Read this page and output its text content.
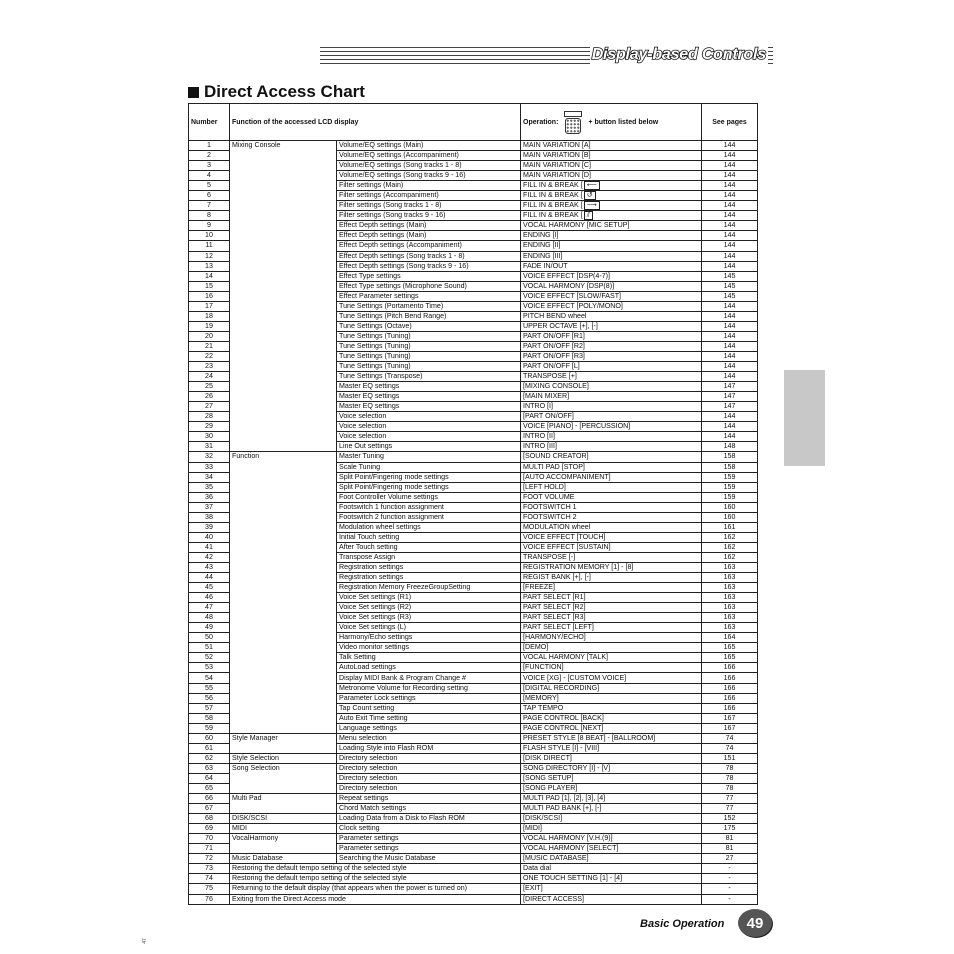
Display-based Controls
Direct Access Chart
Number	Function of the accessed LCD display		Operation: + button listed below	See pages
1	Mixing Console	Volume/EQ settings (Main)	MAIN VARIATION [A]	144
2		Volume/EQ settings (Accompaniment)	MAIN VARIATION [B]	144
3		Volume/EQ settings (Song tracks 1 - 8)	MAIN VARIATION [C]	144
4		Volume/EQ settings (Song tracks 9 - 16)	MAIN VARIATION [D]	144
5		Filter settings (Main)	FILL IN & BREAK [ ⟵	144
6		Filter settings (Accompaniment)	FILL IN & BREAK [ ↺	144
7		Filter settings (Song tracks 1 - 8)	FILL IN & BREAK [ ⟶	144
8		Filter settings (Song tracks 9 - 16)	FILL IN & BREAK [ ⫽	144
9		Effect Depth settings (Main)	VOCAL HARMONY [MIC SETUP]	144
10		Effect Depth settings (Main)	ENDING [I]	144
11		Effect Depth settings (Accompaniment)	ENDING [II]	144
12		Effect Depth settings (Song tracks 1 - 8)	ENDING [III]	144
13		Effect Depth settings (Song tracks 9 - 16)	FADE IN/OUT	144
14		Effect Type settings	VOICE EFFECT [DSP(4-7)]	145
15		Effect Type settings (Microphone Sound)	VOCAL HARMONY [DSP(8)]	145
16		Effect Parameter settings	VOICE EFFECT [SLOW/FAST]	145
17		Tune Settings (Portamento Time)	VOICE EFFECT [POLY/MONO]	144
18		Tune Settings (Pitch Bend Range)	PITCH BEND wheel	144
19		Tune Settings (Octave)	UPPER OCTAVE [+], [-]	144
20		Tune Settings (Tuning)	PART ON/OFF [R1]	144
21		Tune Settings (Tuning)	PART ON/OFF [R2]	144
22		Tune Settings (Tuning)	PART ON/OFF [R3]	144
23		Tune Settings (Tuning)	PART ON/OFF [L]	144
24		Tune Settings (Transpose)	TRANSPOSE [+]	144
25		Master EQ settings	[MIXING CONSOLE]	147
26		Master EQ settings	[MAIN MIXER]	147
27		Master EQ settings	INTRO [I]	147
28		Voice selection	[PART ON/OFF]	144
29		Voice selection	VOICE [PIANO] - [PERCUSSION]	144
30		Voice selection	INTRO [II]	144
31		Line Out settings	INTRO [III]	148
32	Function	Master Tuning	[SOUND CREATOR]	158
33		Scale Tuning	MULTI PAD [STOP]	158
34		Split Point/Fingering mode settings	[AUTO ACCOMPANIMENT]	159
35		Split Point/Fingering mode settings	[LEFT HOLD]	159
36		Foot Controller Volume settings	FOOT VOLUME	159
37		Footswitch 1 function assignment	FOOTSWITCH 1	160
38		Footswitch 2 function assignment	FOOTSWITCH 2	160
39		Modulation wheel settings	MODULATION wheel	161
40		Initial Touch setting	VOICE EFFECT [TOUCH]	162
41		After Touch setting	VOICE EFFECT [SUSTAIN]	162
42		Transpose Assign	TRANSPOSE [-]	162
43		Registration settings	REGISTRATION MEMORY [1] - [8]	163
44		Registration settings	REGIST BANK [+], [-]	163
45		Registration Memory FreezeGroupSetting	[FREEZE]	163
46		Voice Set settings (R1)	PART SELECT [R1]	163
47		Voice Set settings (R2)	PART SELECT [R2]	163
48		Voice Set settings (R3)	PART SELECT [R3]	163
49		Voice Set settings (L)	PART SELECT [LEFT]	163
50		Harmony/Echo settings	[HARMONY/ECHO]	164
51		Video monitor settings	[DEMO]	165
52		Talk Setting	VOCAL HARMONY [TALK]	165
53		AutoLoad settings	[FUNCTION]	166
54		Display MIDI Bank & Program Change #	VOICE [XG] - [CUSTOM VOICE]	166
55		Metronome Volume for Recording setting	[DIGITAL RECORDING]	166
56		Parameter Lock settings	[MEMORY]	166
57		Tap Count setting	TAP TEMPO	166
58		Auto Exit Time setting	PAGE CONTROL [BACK]	167
59		Language settings	PAGE CONTROL [NEXT]	167
60	Style Manager	Menu selection	PRESET STYLE [8 BEAT] - [BALLROOM]	74
61		Loading Style into Flash ROM	FLASH STYLE [I] - [VIII]	74
62	Style Selection	Directory selection	[DISK DIRECT]	151
63	Song Selection	Directory selection	SONG DIRECTORY [I] - [V]	78
64		Directory selection	[SONG SETUP]	78
65		Directory selection	[SONG PLAYER]	78
66	Multi Pad	Repeat settings	MULTI PAD [1], [2], [3], [4]	77
67		Chord Match settings	MULTI PAD BANK [+], [-]	77
68	DISK/SCSI	Loading Data from a Disk to Flash ROM	[DISK/SCSI]	152
69	MIDI	Clock setting	[MIDI]	175
70	VocalHarmony	Parameter settings	VOCAL HARMONY [V.H.(9)]	81
71		Parameter settings	VOCAL HARMONY [SELECT]	81
72	Music Database	Searching the Music Database	[MUSIC DATABASE]	27
73	Restoring the default tempo setting of the selected style		Data dial	-
74	Restoring the default tempo setting of the selected style		ONE TOUCH SETTING [1] - [4]	-
75	Returning to the default display (that appears when the power is turned on)		[EXIT]	-
76	Exiting from the Direct Access mode		[DIRECT ACCESS]	-
Basic Operation	49
47
